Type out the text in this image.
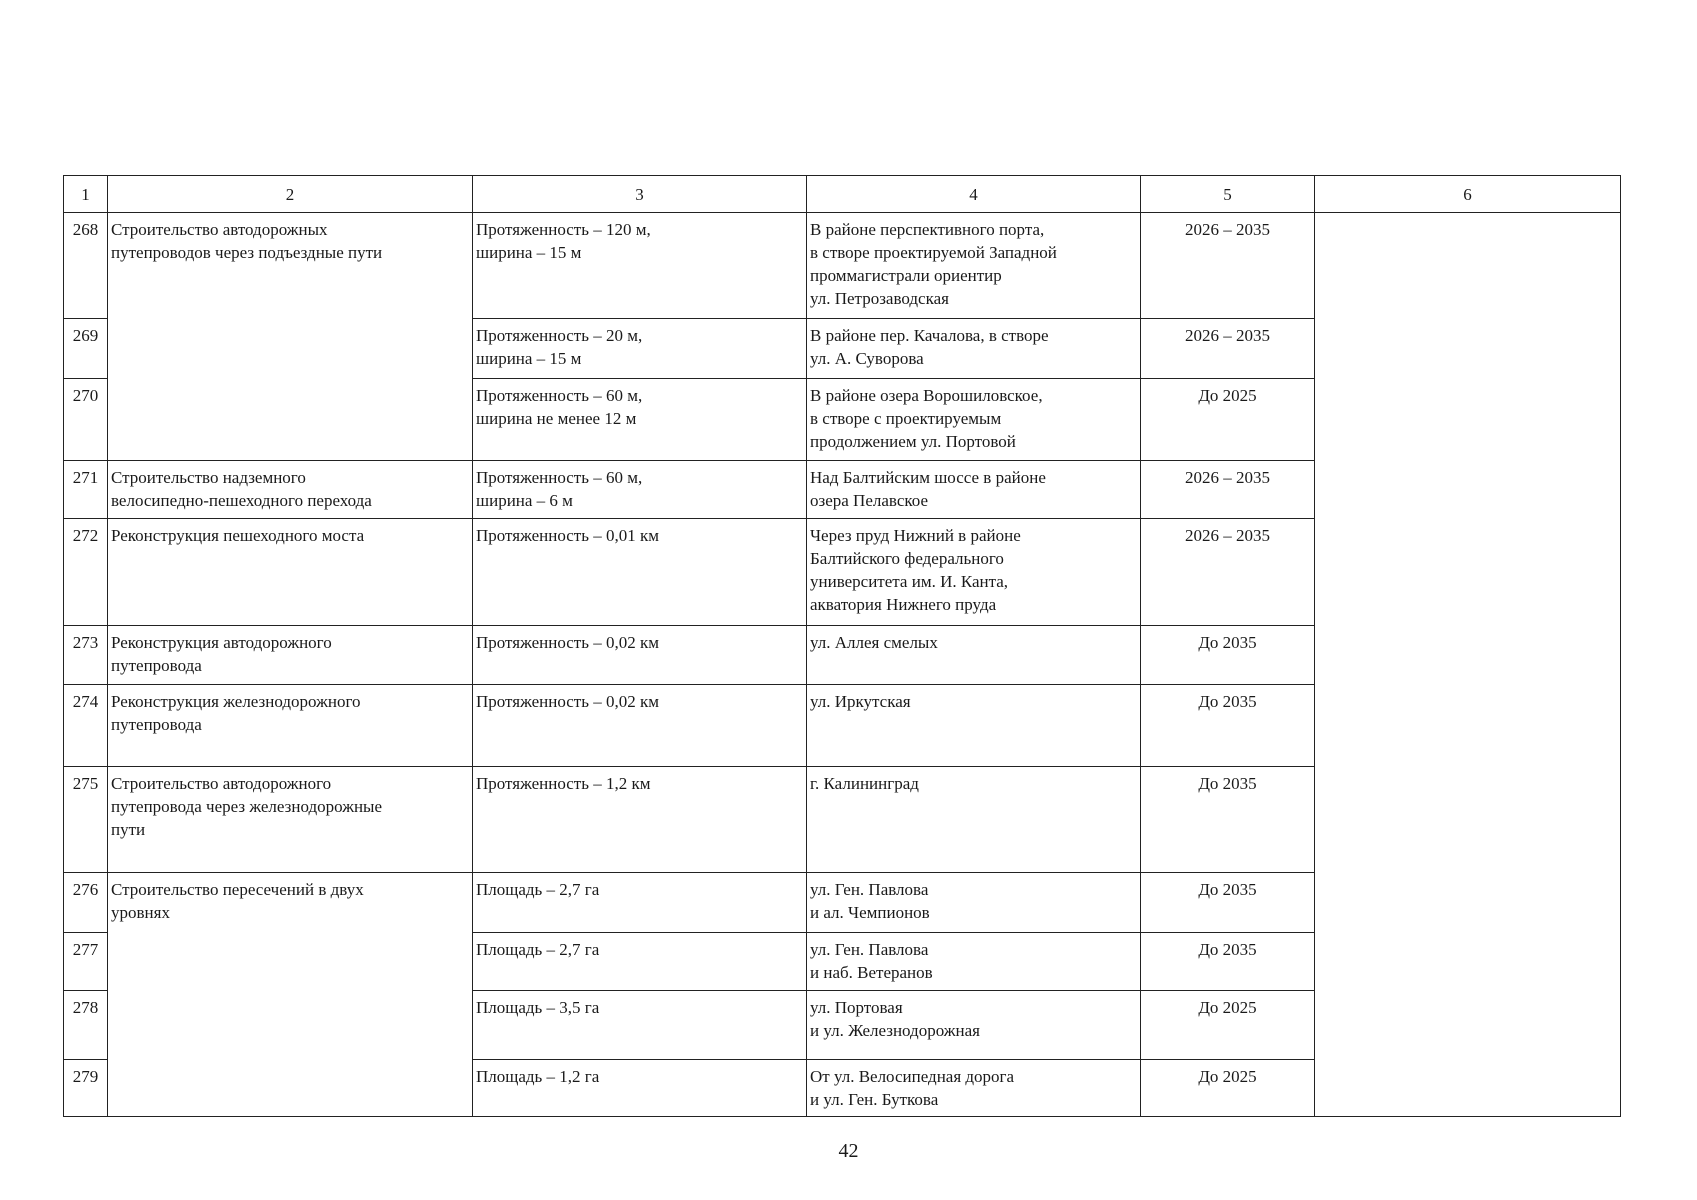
1	2	3	4	5	6
268	Строительство автодорожных
путепроводов через подъездные пути	Протяженность – 120 м,
ширина – 15 м	В районе перспективного порта,
в створе проектируемой Западной
проммагистрали ориентир
ул. Петрозаводская	2026 – 2035	
269		Протяженность – 20 м,
ширина – 15 м	В районе пер. Качалова, в створе
ул. А. Суворова	2026 – 2035	
270		Протяженность – 60 м,
ширина не менее 12 м	В районе озера Ворошиловское,
в створе с проектируемым
продолжением ул. Портовой	До 2025	
271	Строительство надземного
велосипедно-пешеходного перехода	Протяженность – 60 м,
ширина – 6 м	Над Балтийским шоссе в районе
озера Пелавское	2026 – 2035	
272	Реконструкция пешеходного моста	Протяженность – 0,01 км	Через пруд Нижний в районе
Балтийского федерального
университета им. И. Канта,
акватория Нижнего пруда	2026 – 2035	
273	Реконструкция автодорожного
путепровода	Протяженность – 0,02 км	ул. Аллея смелых	До 2035	
274	Реконструкция железнодорожного
путепровода	Протяженность – 0,02 км	ул. Иркутская	До 2035	
275	Строительство автодорожного
путепровода через железнодорожные
пути	Протяженность – 1,2 км	г. Калининград	До 2035	
276	Строительство пересечений в двух
уровнях	Площадь – 2,7 га	ул. Ген. Павлова
и ал. Чемпионов	До 2035	
277		Площадь – 2,7 га	ул. Ген. Павлова
и наб. Ветеранов	До 2035	
278		Площадь – 3,5 га	ул. Портовая
и ул. Железнодорожная	До 2025	
279		Площадь – 1,2 га	От ул. Велосипедная дорога
и ул. Ген. Буткова	До 2025	
42
